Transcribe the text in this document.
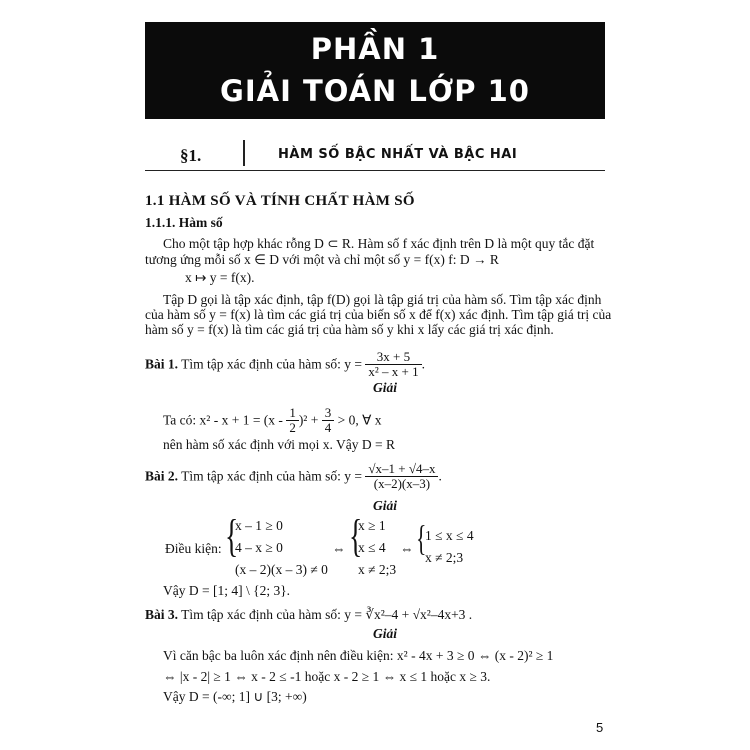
PHẦN 1
GIẢI TOÁN LỚP 10
§1.	HÀM SỐ BẬC NHẤT VÀ BẬC HAI
1.1 HÀM SỐ VÀ TÍNH CHẤT HÀM SỐ
1.1.1. Hàm số
Cho một tập hợp khác rỗng D ⊂ R. Hàm số f xác định trên D là một quy tắc đặt
tương ứng mỗi số x ∈ D với một và chỉ một số y = f(x) f: D → R
x ↦ y = f(x).
Tập D gọi là tập xác định, tập f(D) gọi là tập giá trị của hàm số. Tìm tập xác định
của hàm số y = f(x) là tìm các giá trị của biến số x để f(x) xác định. Tìm tập giá trị của
hàm số y = f(x) là tìm các giá trị của hàm số y khi x lấy các giá trị xác định.
Bài 1. Tìm tập xác định của hàm số: $y = \frac{3x + 5}{\text{x² – x + 1}}$ .
Giải
Ta có: $x^2 - x + 1 = (x - \frac{1}{2} )^2 + \frac{3}{4} > 0$, ∀ x
nên hàm số xác định với mọi x. Vậy D = R
Bài 2. Tìm tập xác định của hàm số: $y = \frac{√x-1 + √4-x}{(x-2)(x-3)}$ .
Giải
Điều kiện: {
x – 1 ≥ 0
4 – x ≥ 0
(x – 2)(x – 3) ≠ 0
⇔ {
x ≥ 1
x ≤ 4
x ≠ 2;3
⇔ {
1 ≤ x ≤ 4
x ≠ 2;3
Vậy D = [1; 4] \ {2; 3}.
Bài 3. Tìm tập xác định của hàm số: y = ∛x²–4 + √x²–4x+3 .
Giải
Vì căn bậc ba luôn xác định nên điều kiện: x² - 4x + 3 ≥ 0 ⇔ (x - 2)² ≥ 1
⇔ |x - 2| ≥ 1 ⇔ x - 2 ≤ -1 hoặc x - 2 ≥ 1 ⇔ x ≤ 1 hoặc x ≥ 3.
Vậy D = (-∞; 1] ∪ [3; +∞)
5
